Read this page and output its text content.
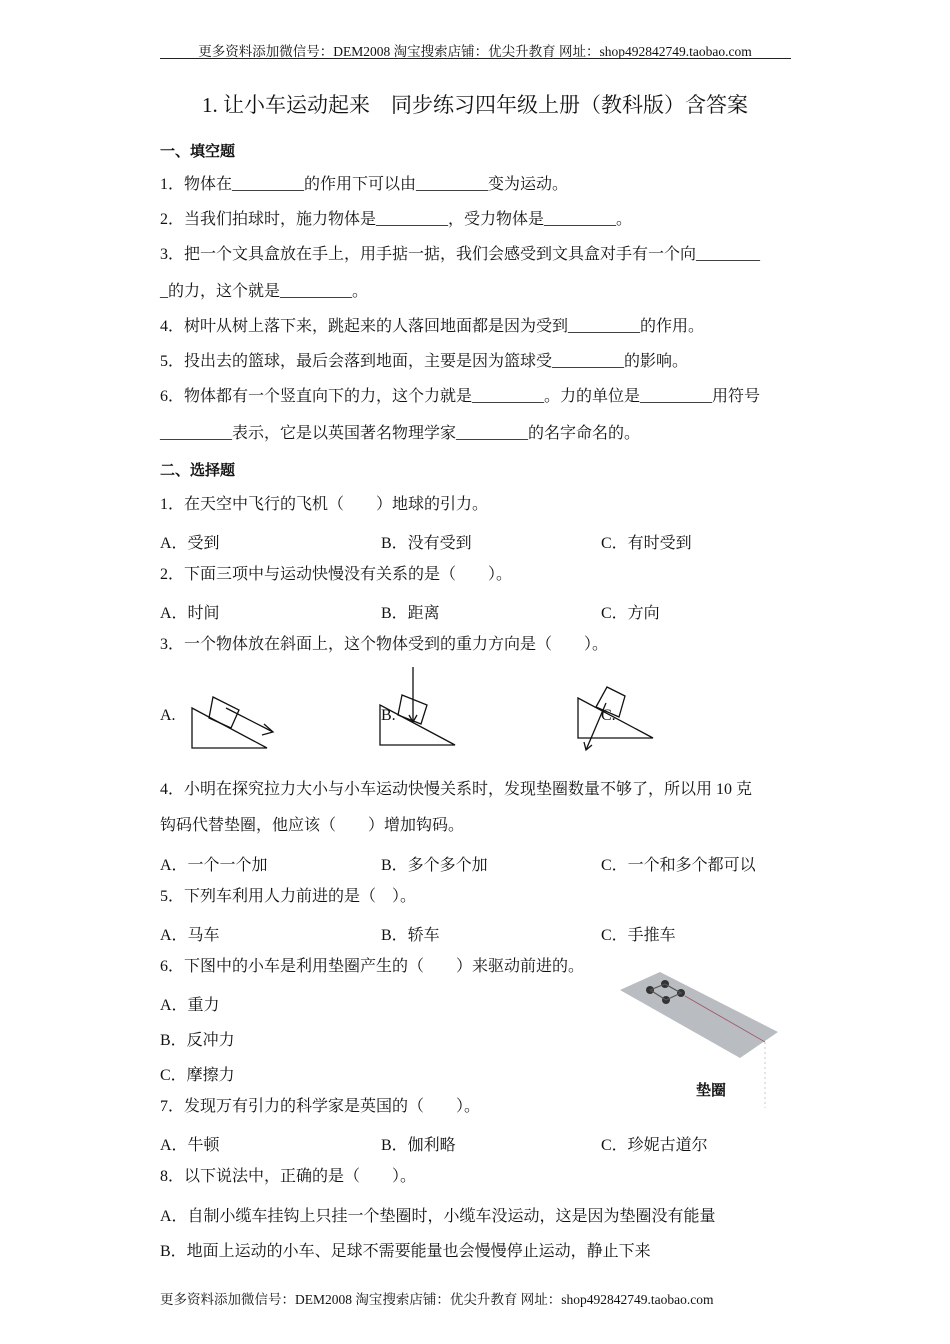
更多资料添加微信号：DEM2008 淘宝搜索店铺：优尖升教育 网址：shop492842749.taobao.com
1. 让小车运动起来　同步练习四年级上册（教科版）含答案
一、填空题
1．物体在_________的作用下可以由_________变为运动。
2．当我们拍球时，施力物体是_________，受力物体是_________。
3．把一个文具盒放在手上，用手掂一掂，我们会感受到文具盒对手有一个向________
_的力，这个就是_________。
4．树叶从树上落下来，跳起来的人落回地面都是因为受到_________的作用。
5．投出去的篮球，最后会落到地面，主要是因为篮球受_________的影响。
6．物体都有一个竖直向下的力，这个力就是_________。力的单位是_________用符号
_________表示，它是以英国著名物理学家_________的名字命名的。
二、选择题
1．在天空中飞行的飞机（　　）地球的引力。
A．受到	B．没有受到	C．有时受到
2．下面三项中与运动快慢没有关系的是（　　）。
A．时间	B．距离	C．方向
3．一个物体放在斜面上，这个物体受到的重力方向是（　　）。
A.	B.	C.
4．小明在探究拉力大小与小车运动快慢关系时，发现垫圈数量不够了，所以用 10 克
钩码代替垫圈，他应该（　　）增加钩码。
A．一个一个加	B．多个多个加	C．一个和多个都可以
5．下列车利用人力前进的是（　）。
A．马车	B．轿车	C．手推车
6．下图中的小车是利用垫圈产生的（　　）来驱动前进的。
A．重力
B．反冲力
C．摩擦力
垫圈
7．发现万有引力的科学家是英国的（　　）。
A．牛顿	B．伽利略	C．珍妮古道尔
8．以下说法中，正确的是（　　）。
A．自制小缆车挂钩上只挂一个垫圈时，小缆车没运动，这是因为垫圈没有能量
B．地面上运动的小车、足球不需要能量也会慢慢停止运动，静止下来
更多资料添加微信号：DEM2008 淘宝搜索店铺：优尖升教育 网址：shop492842749.taobao.com
